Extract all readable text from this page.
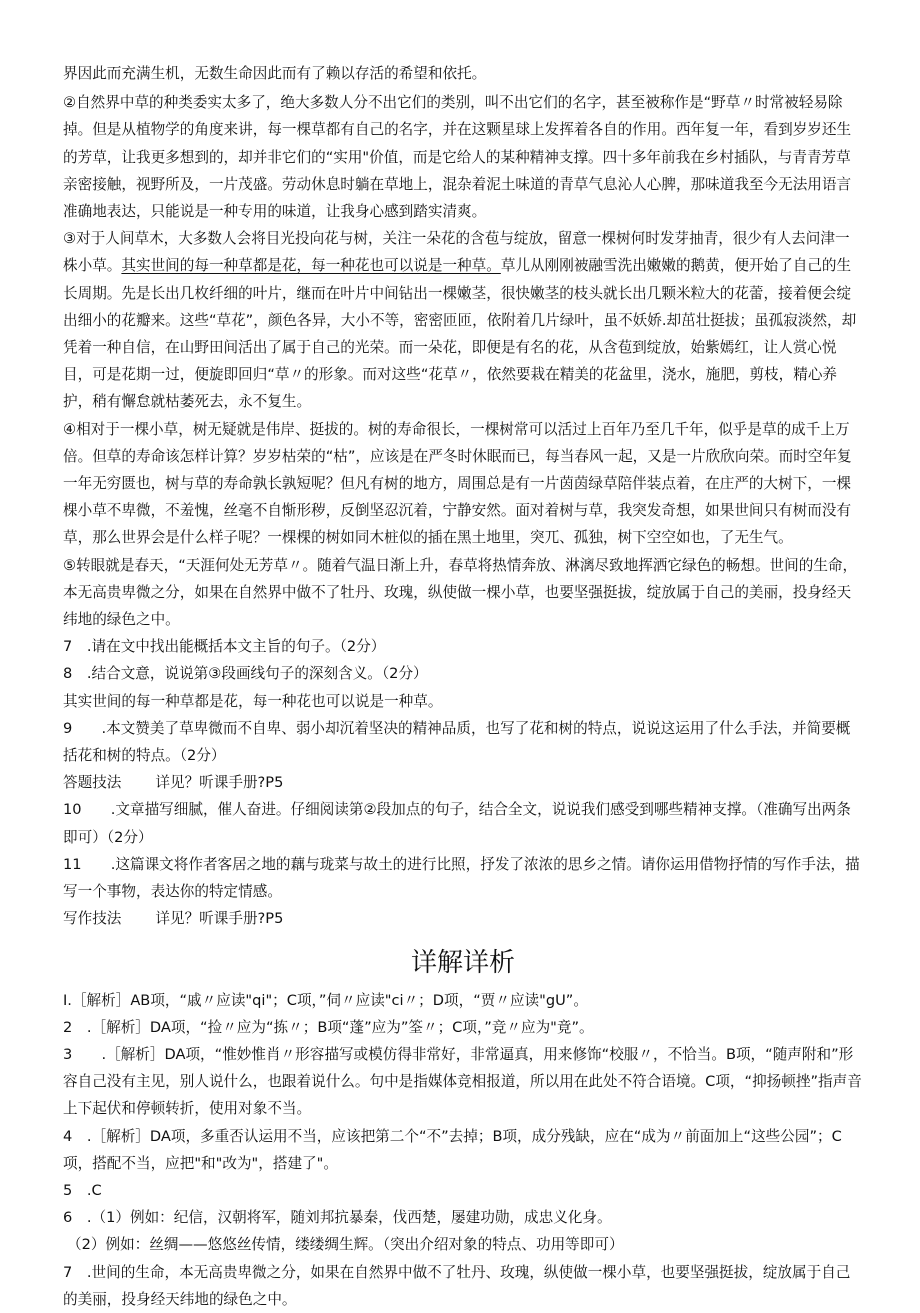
界因此而充满生机，无数生命因此而有了赖以存活的希望和依托。

②自然界中草的种类委实太多了，绝大多数人分不出它们的类别，叫不出它们的名字，甚至被称作是“野草〃时常被轻易除掉。但是从植物学的角度来讲，每一棵草都有自己的名字，并在这颗星球上发挥着各自的作用。西年复一年，看到岁岁还生的芳草，让我更多想到的，却并非它们的“实用"价值，而是它给人的某种精神支撑。四十多年前我在乡村插队，与青青芳草亲密接触，视野所及，一片茂盛。劳动休息时躺在草地上，混杂着泥土味道的青草气息沁人心脾，那味道我至今无法用语言准确地表达，只能说是一种专用的味道，让我身心感到踏实清爽。

③对于人间草木，大多数人会将目光投向花与树，关注一朵花的含苞与绽放，留意一棵树何时发芽抽青，很少有人去问津一株小草。其实世间的每一种草都是花，每一种花也可以说是一种草。草儿从刚刚被融雪洗出嫩嫩的鹅黄，便开始了自己的生长周期。先是长出几枚纤细的叶片，继而在叶片中间钻出一棵嫩茎，很快嫩茎的枝头就长出几颗米粒大的花蕾，接着便会绽出细小的花瓣来。这些“草花”，颜色各异，大小不等，密密匝匝，依附着几片绿叶，虽不妖娇.却茁壮挺拔；虽孤寂淡然，却凭着一种自信，在山野田间活出了属于自己的光荣。而一朵花，即便是有名的花，从含苞到绽放，始紫嫣红，让人赏心悦目，可是花期一过，便旋即回归“草〃的形象。而对这些“花草〃，依然要栽在精美的花盆里，浇水，施肥，剪枝，精心养护，稍有懈怠就枯萎死去，永不复生。

④相对于一棵小草，树无疑就是伟岸、挺拔的。树的寿命很长，一棵树常可以活过上百年乃至几千年，似乎是草的成千上万倍。但草的寿命该怎样计算？岁岁枯荣的“枯”，应该是在严冬时休眠而已，每当春风一起，又是一片欣欣向荣。而时空年复一年无穷匮也，树与草的寿命孰长孰短呢？但凡有树的地方，周围总是有一片茵茵绿草陪伴装点着，在庄严的大树下，一棵棵小草不卑微，不羞愧，丝毫不自惭形秽，反倒坚忍沉着，宁静安然。面对着树与草，我突发奇想，如果世间只有树而没有草，那么世界会是什么样子呢？一棵棵的树如同木桩似的插在黑土地里，突兀、孤独，树下空空如也，了无生气。

⑤转眼就是春天，“天涯何处无芳草〃。随着气温日渐上升，春草将热情奔放、淋漓尽致地挥洒它绿色的畅想。世间的生命，本无高贵卑微之分，如果在自然界中做不了牡丹、玫瑰，纵使做一棵小草，也要坚强挺拔，绽放属于自己的美丽，投身经天纬地的绿色之中。

7　.请在文中找出能概括本文主旨的句子。（2分）

8　.结合文意，说说第③段画线句子的深刻含义。（2分）

其实世间的每一种草都是花，每一种花也可以说是一种草。

9　　.本文赞美了草卑微而不自卑、弱小却沉着坚决的精神品质，也写了花和树的特点，说说这运用了什么手法，并简要概括花和树的特点。（2分）

答题技法 详见？听课手册?P5

10　　.文章描写细腻，催人奋进。仔细阅读第②段加点的句子，结合全文，说说我们感受到哪些精神支撑。（准确写出两条即可）（2分）

11　　.这篇课文将作者客居之地的藕与珑菜与故土的进行比照，抒发了浓浓的思乡之情。请你运用借物抒情的写作手法，描写一个事物，表达你的特定情感。

写作技法 详见？听课手册?P5

详解详析

I.［解析］AB项，“戚〃应读"qi"；C项，”伺〃应读"ci〃；D项，“贾〃应读"gU”。

2　.［解析］DA项，“捡〃应为“拣〃；B项“蓬”应为”筌〃；C项，”竞〃应为"竟”。

3　　.［解析］DA项，“惟妙惟肖〃形容描写或模仿得非常好，非常逼真，用来修饰“校服〃，不恰当。B项，“随声附和”形容自己没有主见，别人说什么，也跟着说什么。句中是指媒体竞相报道，所以用在此处不符合语境。C项，“抑扬顿挫”指声音上下起伏和停顿转折，使用对象不当。

4　.［解析］DA项，多重否认运用不当，应该把第二个“不”去掉；B项，成分残缺，应在“成为〃前面加上“这些公园”；C项，搭配不当，应把"和"改为"，搭建了"。

5　.C

6　.（1）例如：纪信，汉朝将军，随刘邦抗暴秦，伐西楚，屡建功勋，成忠义化身。

（2）例如：丝绸——悠悠丝传情，缕缕绸生辉。（突出介绍对象的特点、功用等即可）

7　.世间的生命，本无高贵卑微之分，如果在自然界中做不了牡丹、玫瑰，纵使做一棵小草，也要坚强挺拔，绽放属于自己的美丽，投身经天纬地的绿色之中。
